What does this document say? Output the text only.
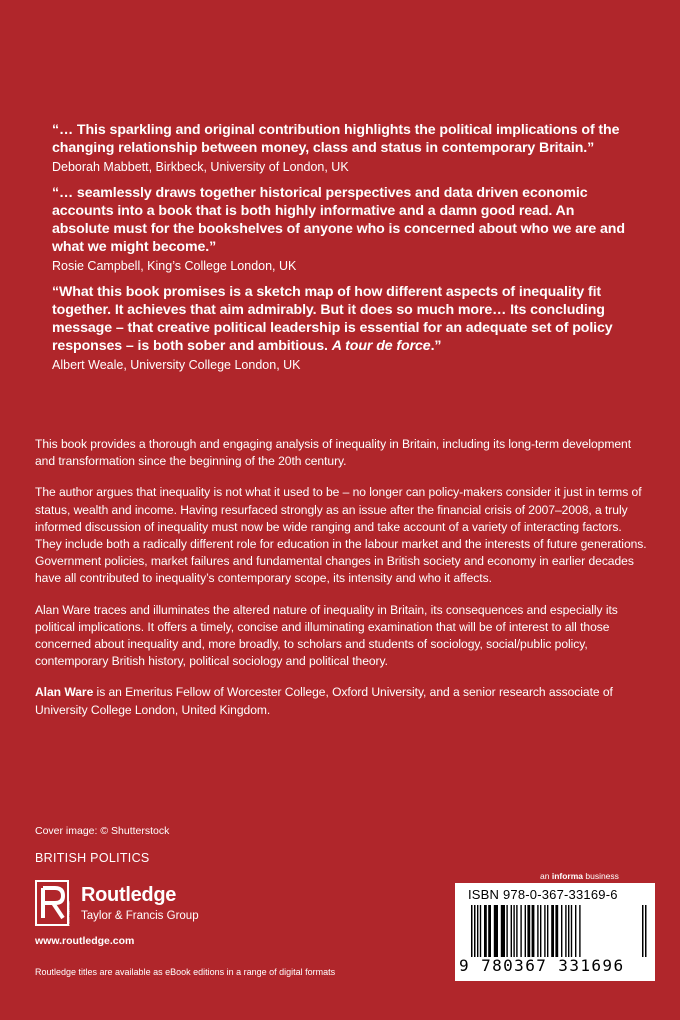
“… This sparkling and original contribution highlights the political implications of the changing relationship between money, class and status in contemporary Britain.”
Deborah Mabbett, Birkbeck, University of London, UK
“… seamlessly draws together historical perspectives and data driven economic accounts into a book that is both highly informative and a damn good read. An absolute must for the bookshelves of anyone who is concerned about who we are and what we might become.”
Rosie Campbell, King’s College London, UK
“What this book promises is a sketch map of how different aspects of inequality fit together. It achieves that aim admirably. But it does so much more… Its concluding message – that creative political leadership is essential for an adequate set of policy responses – is both sober and ambitious. A tour de force.”
Albert Weale, University College London, UK

This book provides a thorough and engaging analysis of inequality in Britain, including its long-term development and transformation since the beginning of the 20th century.

The author argues that inequality is not what it used to be – no longer can policy-makers consider it just in terms of status, wealth and income. Having resurfaced strongly as an issue after the financial crisis of 2007–2008, a truly informed discussion of inequality must now be wide ranging and take account of a variety of interacting factors. They include both a radically different role for education in the labour market and the interests of future generations. Government policies, market failures and fundamental changes in British society and economy in earlier decades have all contributed to inequality’s contemporary scope, its intensity and who it affects.

Alan Ware traces and illuminates the altered nature of inequality in Britain, its consequences and especially its political implications. It offers a timely, concise and illuminating examination that will be of interest to all those concerned about inequality and, more broadly, to scholars and students of sociology, social/public policy, contemporary British history, political sociology and political theory.

Alan Ware is an Emeritus Fellow of Worcester College, Oxford University, and a senior research associate of University College London, United Kingdom.

Cover image: © Shutterstock
BRITISH POLITICS
ROUTLEDGE
Routledge
Taylor & Francis Group
www.routledge.com
Routledge titles are available as eBook editions in a range of digital formats
an informa business
ISBN 978-0-367-33169-6
9 780367 331696
